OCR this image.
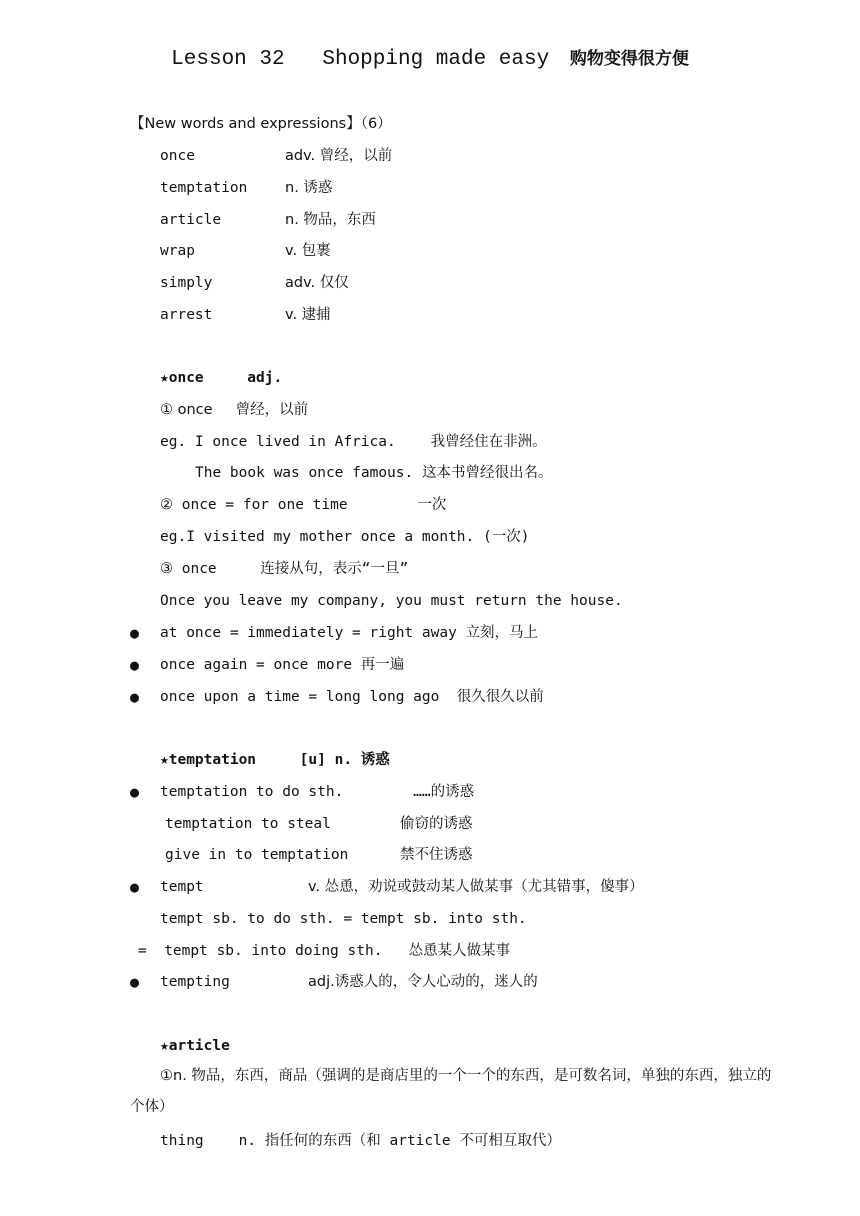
Lesson 32   Shopping made easy 购物变得很方便
【New words and expressions】（6）
once	adv. 曾经，以前
temptation	n. 诱惑
article	n. 物品，东西
wrap	v. 包裹
simply	adv. 仅仅
arrest	v. 逮捕
★once     adj.
① once     曾经，以前
eg. I once lived in Africa.    我曾经住在非洲。
The book was once famous. 这本书曾经很出名。
② once = for one time        一次
eg.I visited my mother once a month. (一次)
③ once     连接从句，表示“一旦”
Once you leave my company, you must return the house.
● at once = immediately = right away 立刻，马上
● once again = once more 再一遍
● once upon a time = long long ago  很久很久以前
★temptation     [u] n. 诱惑
● temptation to do sth.        ……的诱惑
temptation to steal	偷窃的诱惑
give in to temptation	禁不住诱惑
● tempt	v. 怂恿，劝说或鼓动某人做某事（尤其错事，傻事）
tempt sb. to do sth. = tempt sb. into sth.
=  tempt sb. into doing sth.   怂恿某人做某事
● tempting	adj.诱惑人的，令人心动的，迷人的
★article
①n. 物品，东西，商品（强调的是商店里的一个一个的东西，是可数名词，单独的东西，独立的个体）
thing    n. 指任何的东西（和 article 不可相互取代）
